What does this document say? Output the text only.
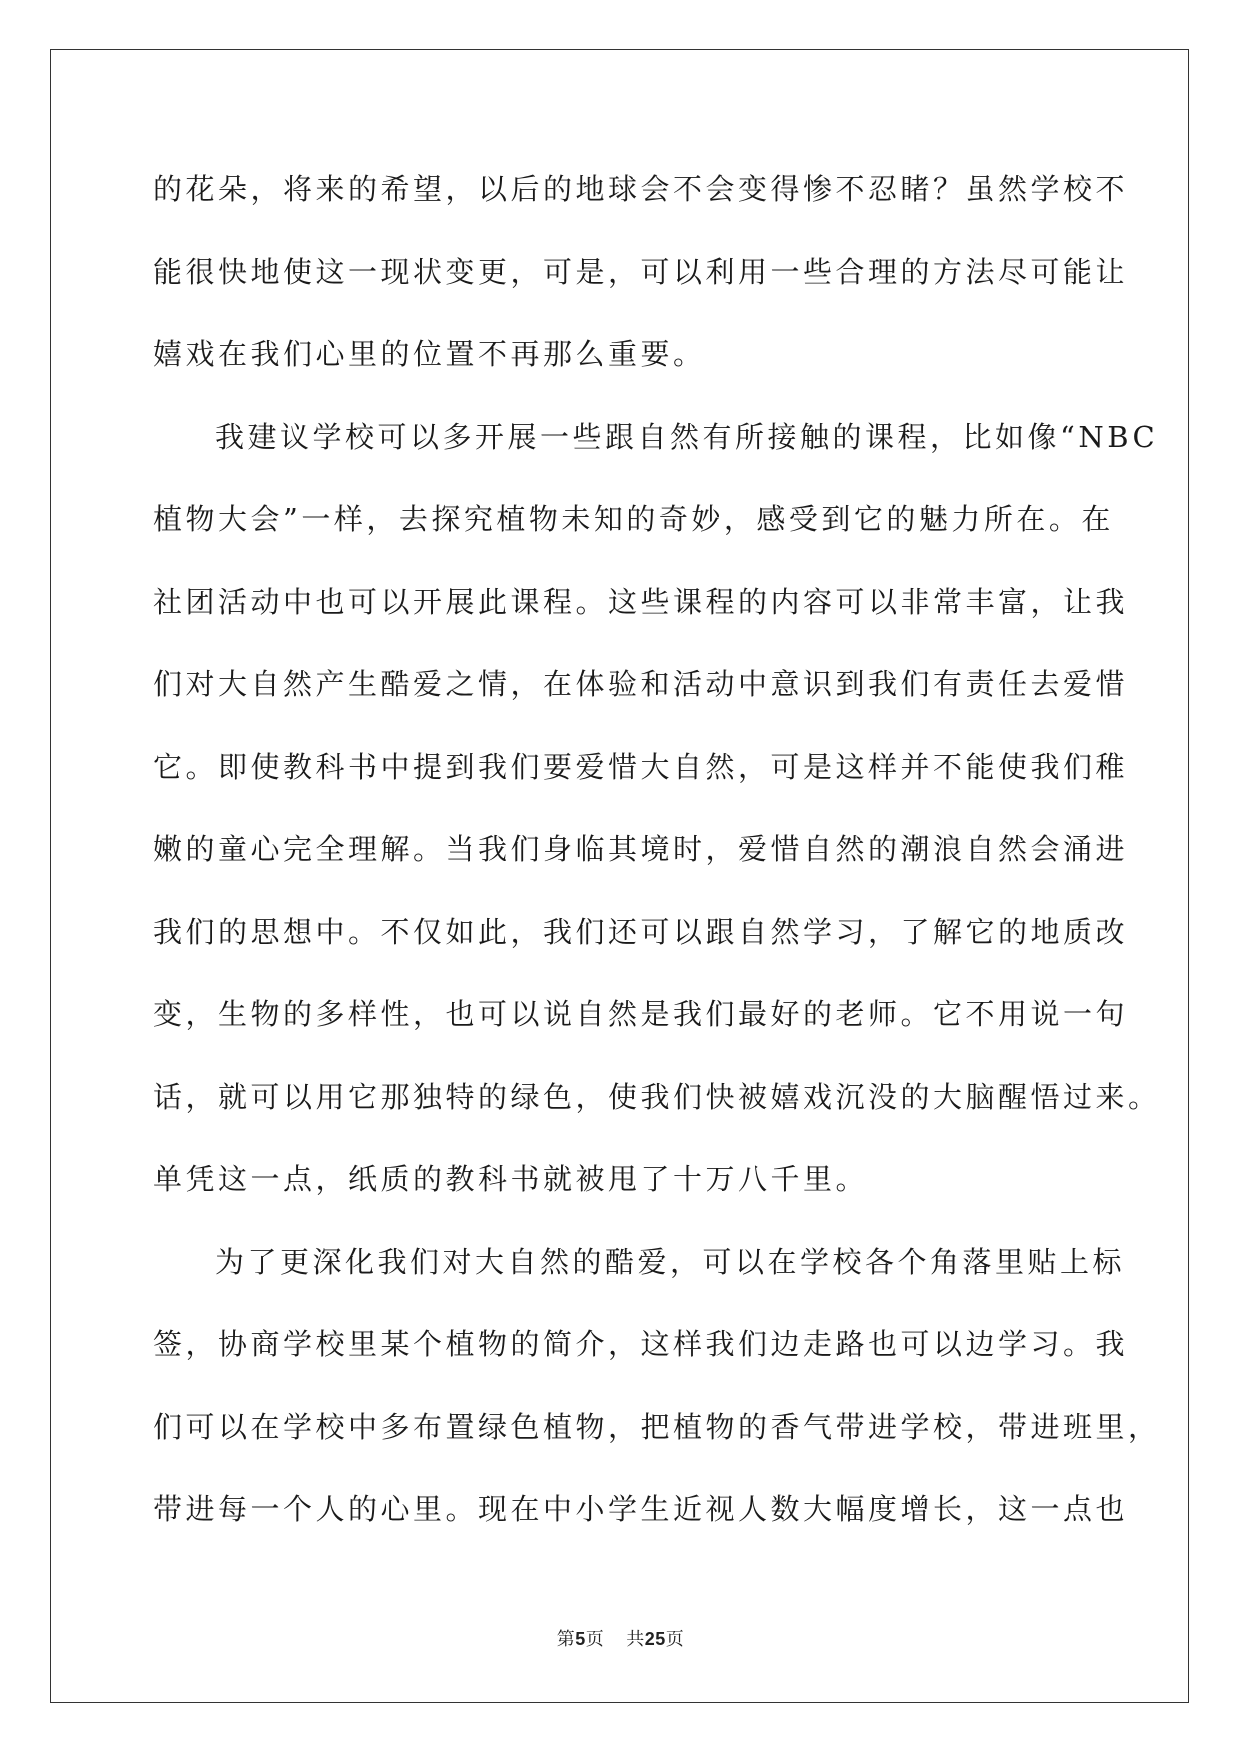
的花朵，将来的希望，以后的地球会不会变得惨不忍睹？虽然学校不
能很快地使这一现状变更，可是，可以利用一些合理的方法尽可能让
嬉戏在我们心里的位置不再那么重要。
我建议学校可以多开展一些跟自然有所接触的课程，比如像“NBC
植物大会”一样，去探究植物未知的奇妙，感受到它的魅力所在。在
社团活动中也可以开展此课程。这些课程的内容可以非常丰富，让我
们对大自然产生酷爱之情，在体验和活动中意识到我们有责任去爱惜
它。即使教科书中提到我们要爱惜大自然，可是这样并不能使我们稚
嫩的童心完全理解。当我们身临其境时，爱惜自然的潮浪自然会涌进
我们的思想中。不仅如此，我们还可以跟自然学习，了解它的地质改
变，生物的多样性，也可以说自然是我们最好的老师。它不用说一句
话，就可以用它那独特的绿色，使我们快被嬉戏沉没的大脑醒悟过来。
单凭这一点，纸质的教科书就被甩了十万八千里。
为了更深化我们对大自然的酷爱，可以在学校各个角落里贴上标
签，协商学校里某个植物的简介，这样我们边走路也可以边学习。我
们可以在学校中多布置绿色植物，把植物的香气带进学校，带进班里，
带进每一个人的心里。现在中小学生近视人数大幅度增长，这一点也
第5页 共25页
